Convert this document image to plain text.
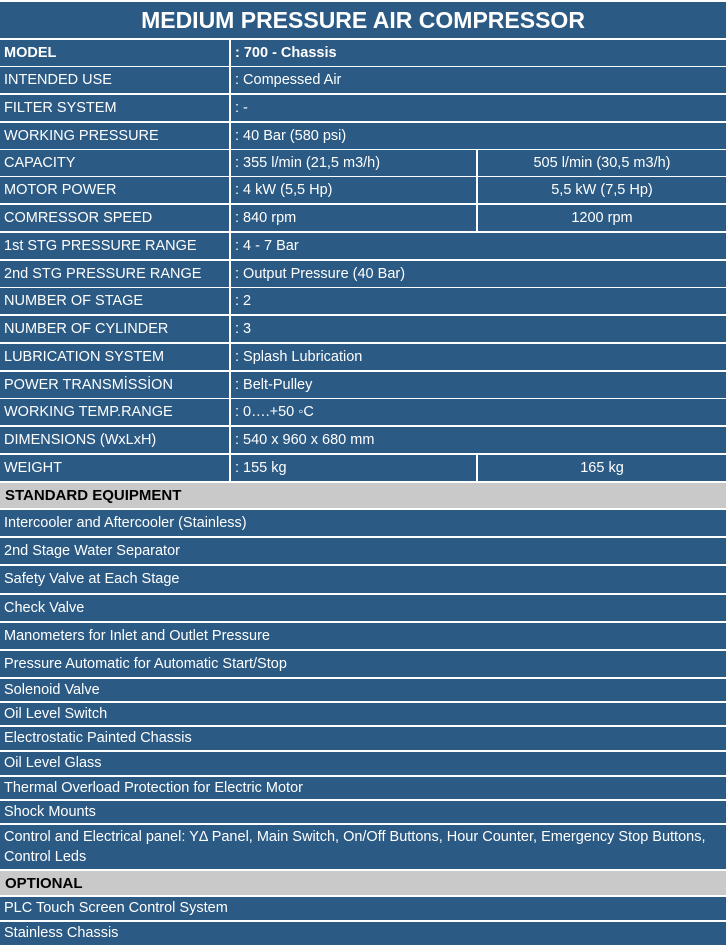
MEDIUM PRESSURE AIR COMPRESSOR
MODEL	: 700 - Chassis
INTENDED USE	: Compessed Air
FILTER SYSTEM	: -
WORKING PRESSURE	: 40 Bar (580 psi)
CAPACITY	: 355 l/min (21,5 m3/h)	505 l/min (30,5 m3/h)
MOTOR POWER	: 4 kW (5,5 Hp)	5,5 kW (7,5 Hp)
COMRESSOR SPEED	: 840 rpm	1200 rpm
1st STG PRESSURE RANGE	: 4 - 7 Bar
2nd STG PRESSURE RANGE	: Output Pressure (40 Bar)
NUMBER OF STAGE	: 2
NUMBER OF CYLINDER	: 3
LUBRICATION SYSTEM	: Splash Lubrication
POWER TRANSMİSSİON	: Belt-Pulley
WORKING TEMP.RANGE	: 0….+50 ◦C
DIMENSIONS (WxLxH)	: 540 x 960 x 680 mm
WEIGHT	: 155 kg	165 kg
STANDARD EQUIPMENT
Intercooler and Aftercooler (Stainless)
2nd Stage Water Separator
Safety Valve at Each Stage
Check Valve
Manometers for Inlet and Outlet Pressure
Pressure Automatic for Automatic Start/Stop
Solenoid Valve
Oil Level Switch
Electrostatic Painted Chassis
Oil Level Glass
Thermal Overload Protection for Electric Motor
Shock Mounts
Control and Electrical panel: YΔ Panel, Main Switch, On/Off Buttons, Hour Counter, Emergency Stop Buttons, Control Leds
OPTIONAL
PLC Touch Screen Control System
Stainless Chassis
